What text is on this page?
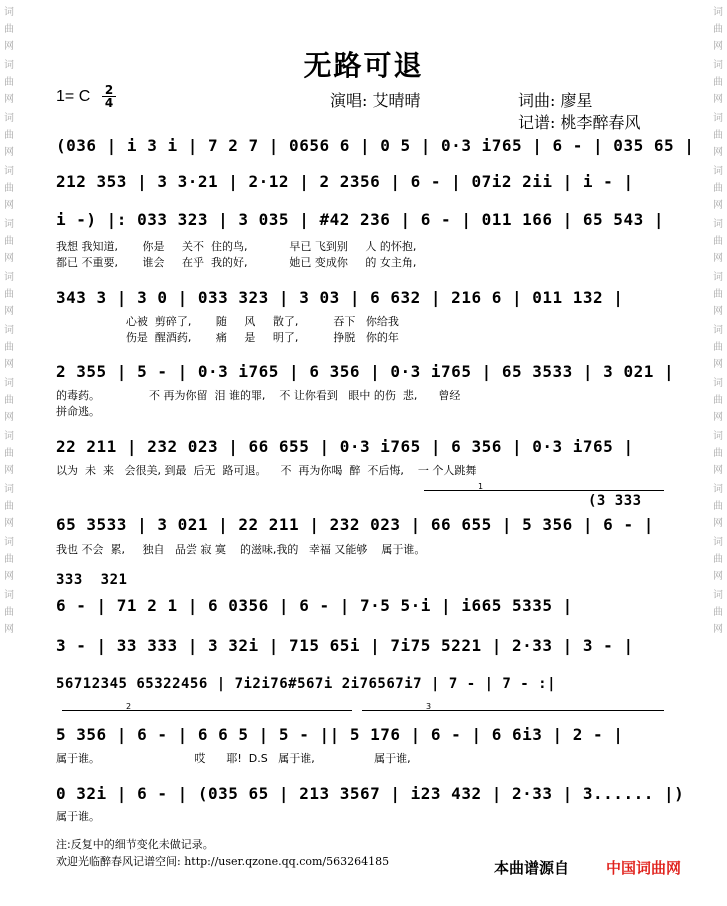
词
曲
网
词
曲
网
词
曲
网
词
曲
网
词
曲
网
词
曲
网
词
曲
网
词
曲
网
词
曲
网
词
曲
网
词
曲
网
词
曲
网
词
曲
网
词
曲
网
词
曲
网
词
曲
网
词
曲
网
词
曲
网
词
曲
网
词
曲
网
词
曲
网
词
曲
网
词
曲
网
词
曲
网
无路可退
1= C $\frac{2}{4}$	演唱: 艾晴晴	词曲: 廖星
记谱: 桃李醉春风
(036 | i 3 i | 7 2 7 | 0656 6 | 0 5 | 0·3 i765 | 6 - | 035 65 |
212 353 | 3 3·21 | 2·12 | 2 2356 | 6 - | 07i2 2ii | i - |
i -) |: 033 323 | 3 035 | #42 236 | 6 - | 011 166 | 65 543 |
我想 我知道,       你是     关不  住的鸟,            早已 飞到别     人 的怀抱,
都已 不重要,       谁会     在乎  我的好,            她已 变成你     的 女主角,
343 3 | 3 0 | 033 323 | 3 03 | 6 632 | 216 6 | 011 132 |
心被  剪碎了,       随     风     散了,          吞下   你给我
伤是  醒酒药,       痛     是     明了,          挣脱   你的年
2 355 | 5 - | 0·3 i765 | 6 356 | 0·3 i765 | 65 3533 | 3 021 |
的毒药。              不 再为你留  泪 谁的罪,    不 让你看到   眼中 的伤  悲,      曾经
拼命逃。
22 211 | 232 023 | 66 655 | 0·3 i765 | 6 356 | 0·3 i765 |
以为  未  来   会很美, 到最  后无  路可退。    不  再为你喝  醉  不后悔,    一 个人跳舞
1
(3 333
65 3533 | 3 021 | 22 211 | 232 023 | 66 655 | 5 356 | 6 - |
我也 不会  累,     独自   品尝 寂 寞    的滋味,我的   幸福 又能够    属于谁。
333  321
6 - | 71 2 1 | 6 0356 | 6 - | 7·5 5·i | i665 5335 |
3 - | 33 333 | 3 32i | 715 65i | 7i75 5221 | 2·33 | 3 - |
56712345 65322456 | 7i2i76#567i 2i76567i7 | 7 - | 7 - :|
2	3
5 356 | 6 - | 6 6 5 | 5 - || 5 176 | 6 - | 6 6i3 | 2 - |
属于谁。                           哎      耶!  D.S   属于谁,                 属于谁,
0 32i | 6 - | (035 65 | 213 3567 | i23 432 | 2·33 | 3...... |)
属于谁。
注:反复中的细节变化未做记录。
欢迎光临醉春风记谱空间: http://user.qzone.qq.com/563264185	本曲谱源自 中国词曲网
